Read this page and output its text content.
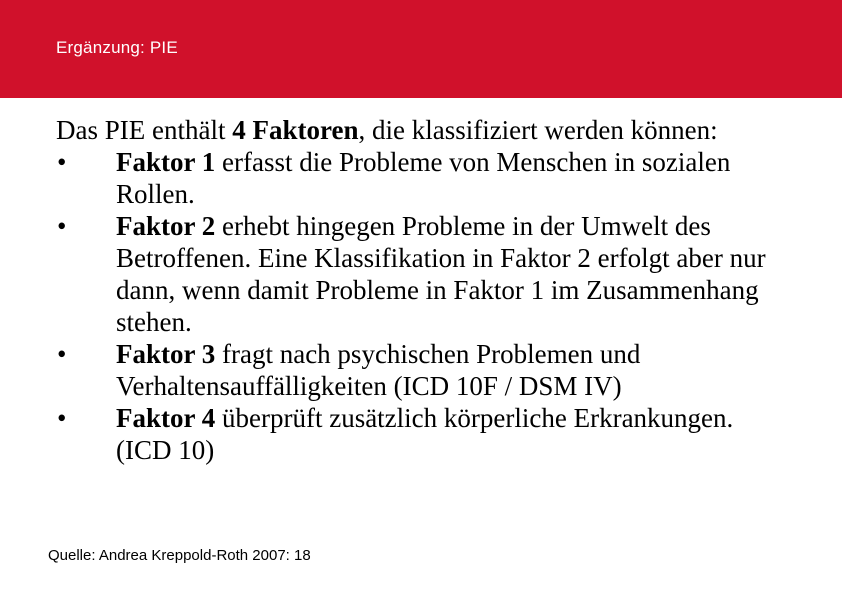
Ergänzung: PIE

Das PIE enthält 4 Faktoren, die klassifiziert werden können:

• Faktor 1 erfasst die Probleme von Menschen in sozialen Rollen.
• Faktor 2 erhebt hingegen Probleme in der Umwelt des Betroffenen. Eine Klassifikation in Faktor 2 erfolgt aber nur dann, wenn damit Probleme in Faktor 1 im Zusammenhang stehen.
• Faktor 3 fragt nach psychischen Problemen und Verhaltensauffälligkeiten (ICD 10F / DSM IV)
• Faktor 4 überprüft zusätzlich körperliche Erkrankungen. (ICD 10)
Quelle: Andrea Kreppold-Roth 2007: 18
